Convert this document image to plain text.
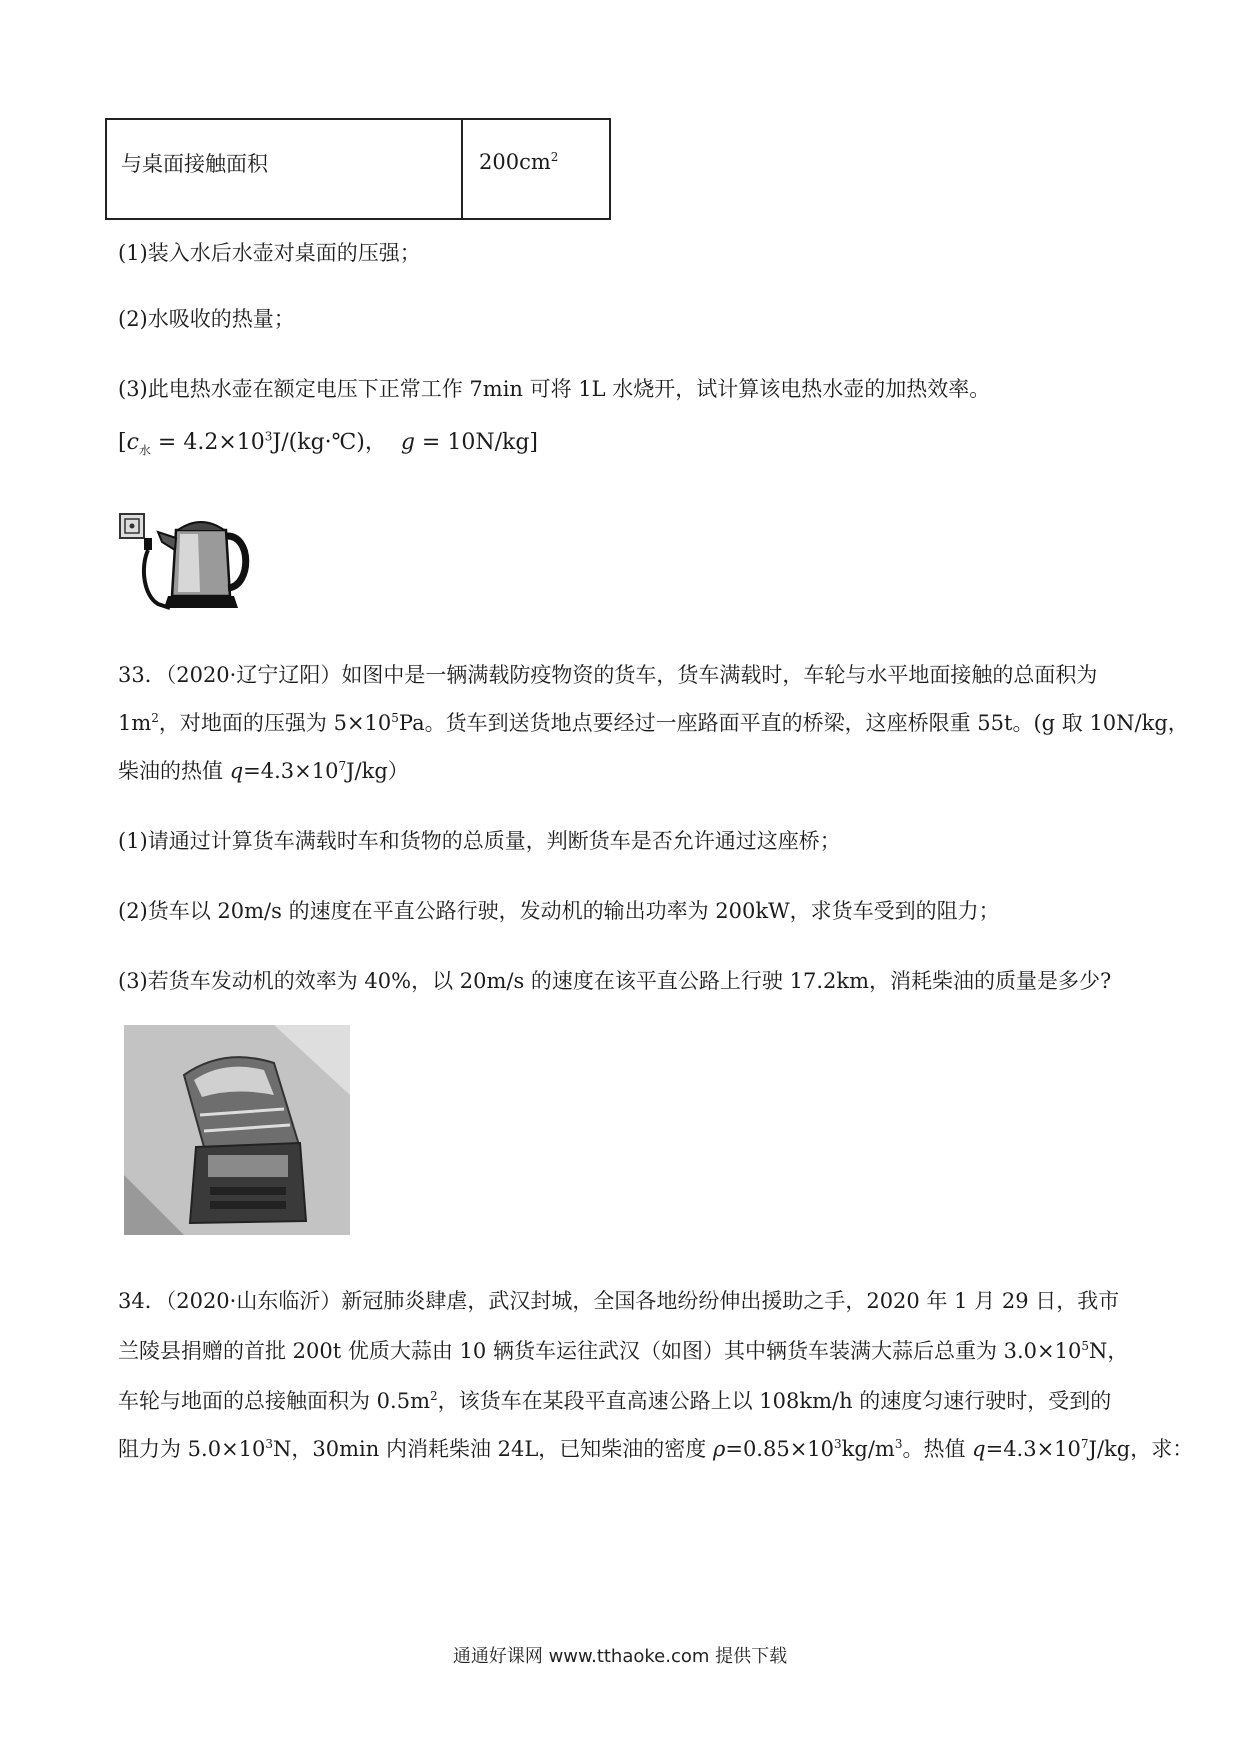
与桌面接触面积	$200cm^2$
(1)装入水后水壶对桌面的压强；
(2)水吸收的热量；
(3)此电热水壶在额定电压下正常工作 7min 可将 1L 水烧开，试计算该电热水壶的加热效率。
[$c_水$ = $4.2\times 10^3J/(kg\cdot℃)$， g = 10N/kg]
33．（2020·辽宁辽阳）如图中是一辆满载防疫物资的货车，货车满载时，车轮与水平地面接触的总面积为
$1m^2$，对地面的压强为 $5\times 10^5Pa$。货车到送货地点要经过一座路面平直的桥梁，这座桥限重 55t。(g 取 10N/kg，
柴油的热值 $q=4.3\times 10^7J/kg$）
(1)请通过计算货车满载时车和货物的总质量，判断货车是否允许通过这座桥；
(2)货车以 20m/s 的速度在平直公路行驶，发动机的输出功率为 200kW，求货车受到的阻力；
(3)若货车发动机的效率为 40%，以 20m/s 的速度在该平直公路上行驶 17.2km，消耗柴油的质量是多少?
34．（2020·山东临沂）新冠肺炎肆虐，武汉封城，全国各地纷纷伸出援助之手，2020 年 1 月 29 日，我市
兰陵县捐赠的首批 200t 优质大蒜由 10 辆货车运往武汉（如图）其中辆货车装满大蒜后总重为 $3.0\times 10^5N$，
车轮与地面的总接触面积为 $0.5m^2$，该货车在某段平直高速公路上以 108km/h 的速度匀速行驶时，受到的
阻力为 $5.0\times 10^3N$，30min 内消耗柴油 24L，已知柴油的密度 $\rho=0.85\times 10^3kg/m^3$。热值 $q=4.3\times 10^7J/kg$，求：
通通好课网 www.tthaoke.com 提供下载
